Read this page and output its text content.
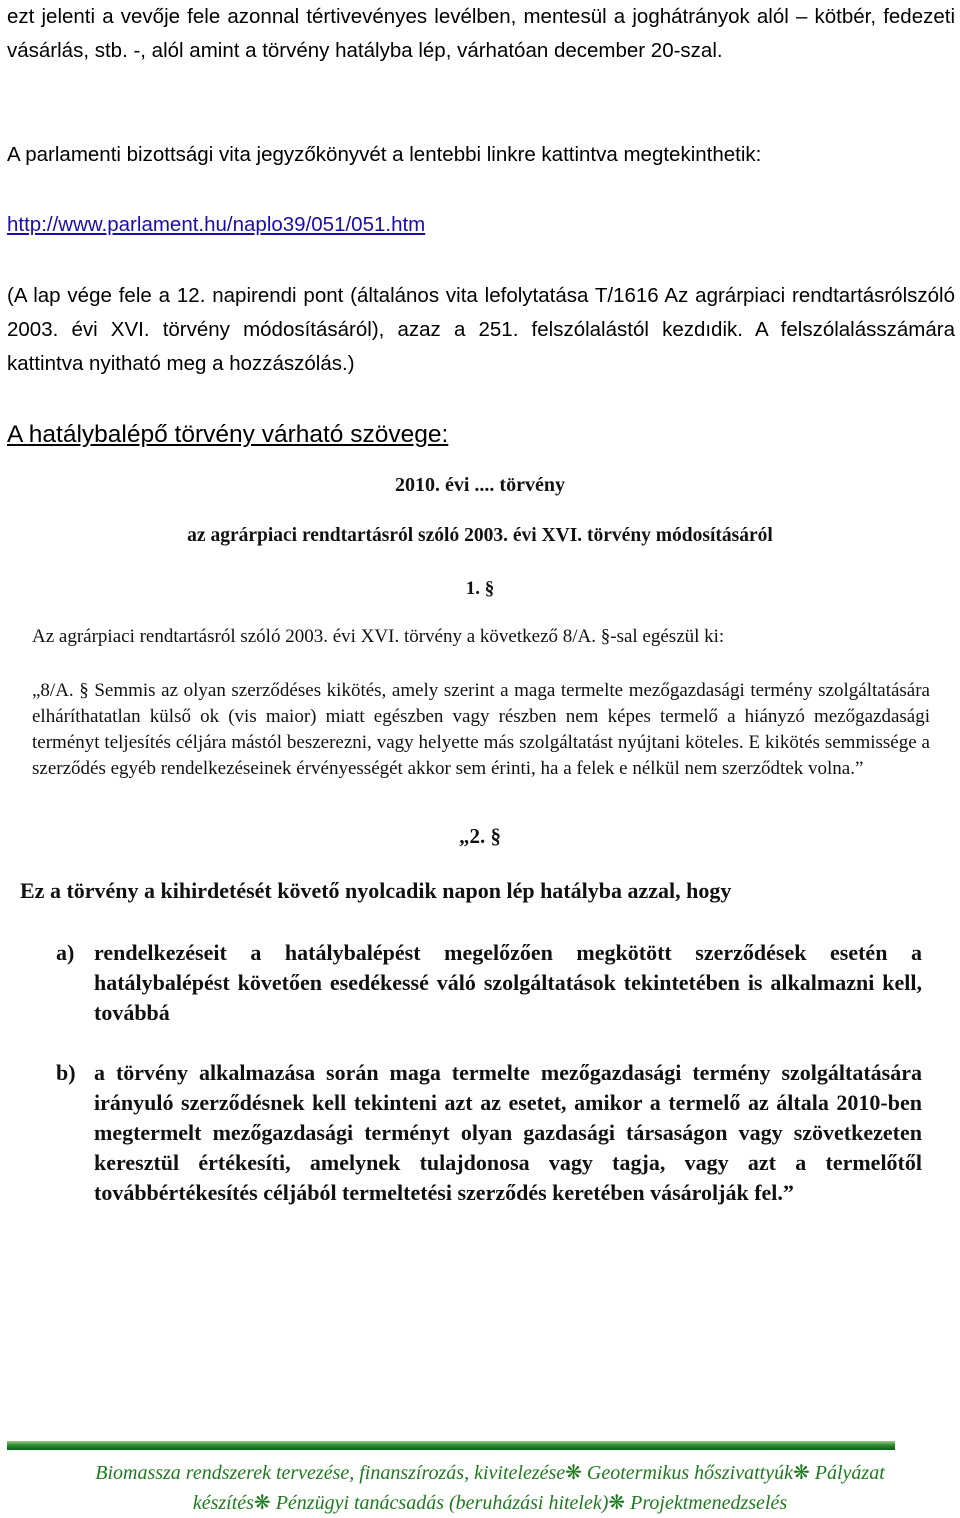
ezt jelenti a vevője fele azonnal tértivevényes levélben, mentesül a joghátrányok alól – kötbér, fedezeti vásárlás, stb. -, alól amint a törvény hatályba lép, várhatóan december 20-szal.

A parlamenti bizottsági vita jegyzőkönyvét a lentebbi linkre kattintva megtekinthetik:

http://www.parlament.hu/naplo39/051/051.htm

(A lap vége fele a 12. napirendi pont (általános vita lefolytatása T/1616 Az agrárpiaci rendtartásrólszóló 2003. évi XVI. törvény módosításáról), azaz a 251. felszólalástól kezdıdik. A felszólalásszámára kattintva nyitható meg a hozzászólás.)

A hatálybalépő törvény várható szövege:

2010. évi .... törvény

az agrárpiaci rendtartásról szóló 2003. évi XVI. törvény módosításáról

1. §

Az agrárpiaci rendtartásról szóló 2003. évi XVI. törvény a következő 8/A. §-sal egészül ki:

„8/A. § Semmis az olyan szerződéses kikötés, amely szerint a maga termelte mezőgazdasági termény szolgáltatására elháríthatatlan külső ok (vis maior) miatt egészben vagy részben nem képes termelő a hiányzó mezőgazdasági terményt teljesítés céljára mástól beszerezni, vagy helyette más szolgáltatást nyújtani köteles. E kikötés semmissége a szerződés egyéb rendelkezéseinek érvényességét akkor sem érinti, ha a felek e nélkül nem szerződtek volna.”

„2. §

Ez a törvény a kihirdetését követő nyolcadik napon lép hatályba azzal, hogy

a) rendelkezéseit a hatálybalépést megelőzően megkötött szerződések esetén a hatálybalépést követően esedékessé váló szolgáltatások tekintetében is alkalmazni kell, továbbá
b) a törvény alkalmazása során maga termelte mezőgazdasági termény szolgáltatására irányuló szerződésnek kell tekinteni azt az esetet, amikor a termelő az általa 2010-ben megtermelt mezőgazdasági terményt olyan gazdasági társaságon vagy szövetkezeten keresztül értékesíti, amelynek tulajdonosa vagy tagja, vagy azt a termelőtől továbbértékesítés céljából termeltetési szerződés keretében vásárolják fel.”

Biomassza rendszerek tervezése, finanszírozás, kivitelezése❋ Geotermikus hőszivattyúk❋ Pályázat
készítés❋ Pénzügyi tanácsadás (beruházási hitelek)❋ Projektmenedzselés
